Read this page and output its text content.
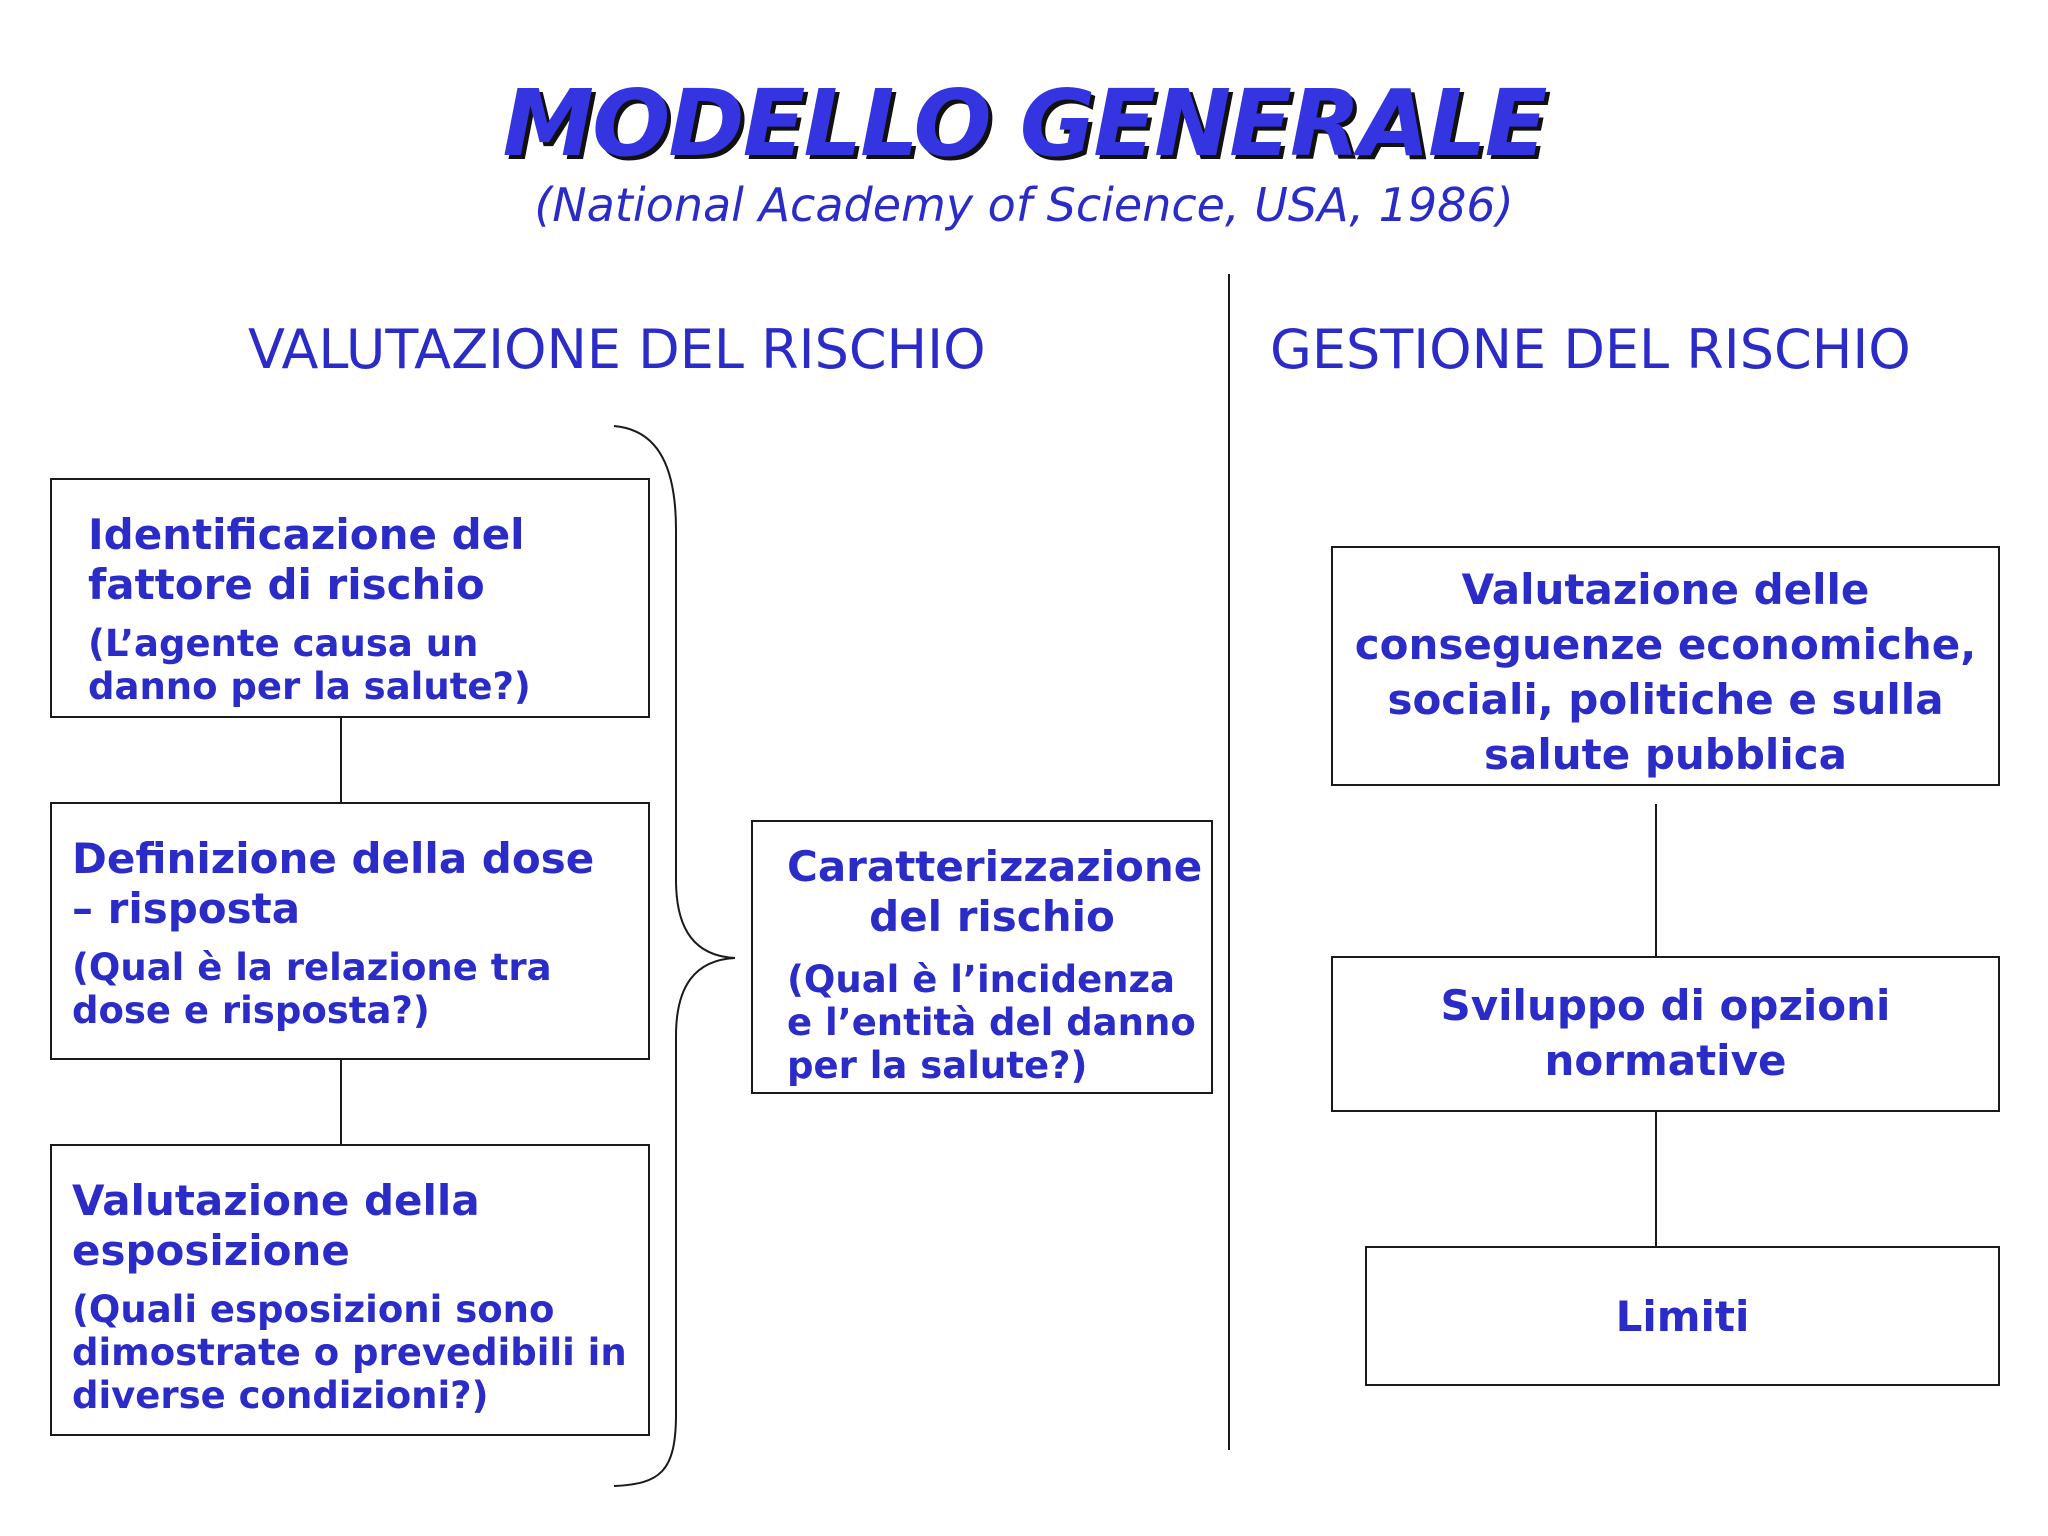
MODELLO GENERALE
(National Academy of Science, USA, 1986)
VALUTAZIONE DEL RISCHIO	GESTIONE DEL RISCHIO
Identificazione del fattore di rischio
(L’agente causa un danno per la salute?)
Definizione della dose – risposta
(Qual è la relazione tra dose e risposta?)
Valutazione della esposizione
(Quali esposizioni sono dimostrate o prevedibili in diverse condizioni?)
Caratterizzazione del rischio
(Qual è l’incidenza e l’entità del danno per la salute?)
Valutazione delle conseguenze economiche, sociali, politiche e sulla salute pubblica
Sviluppo di opzioni normative
Limiti
